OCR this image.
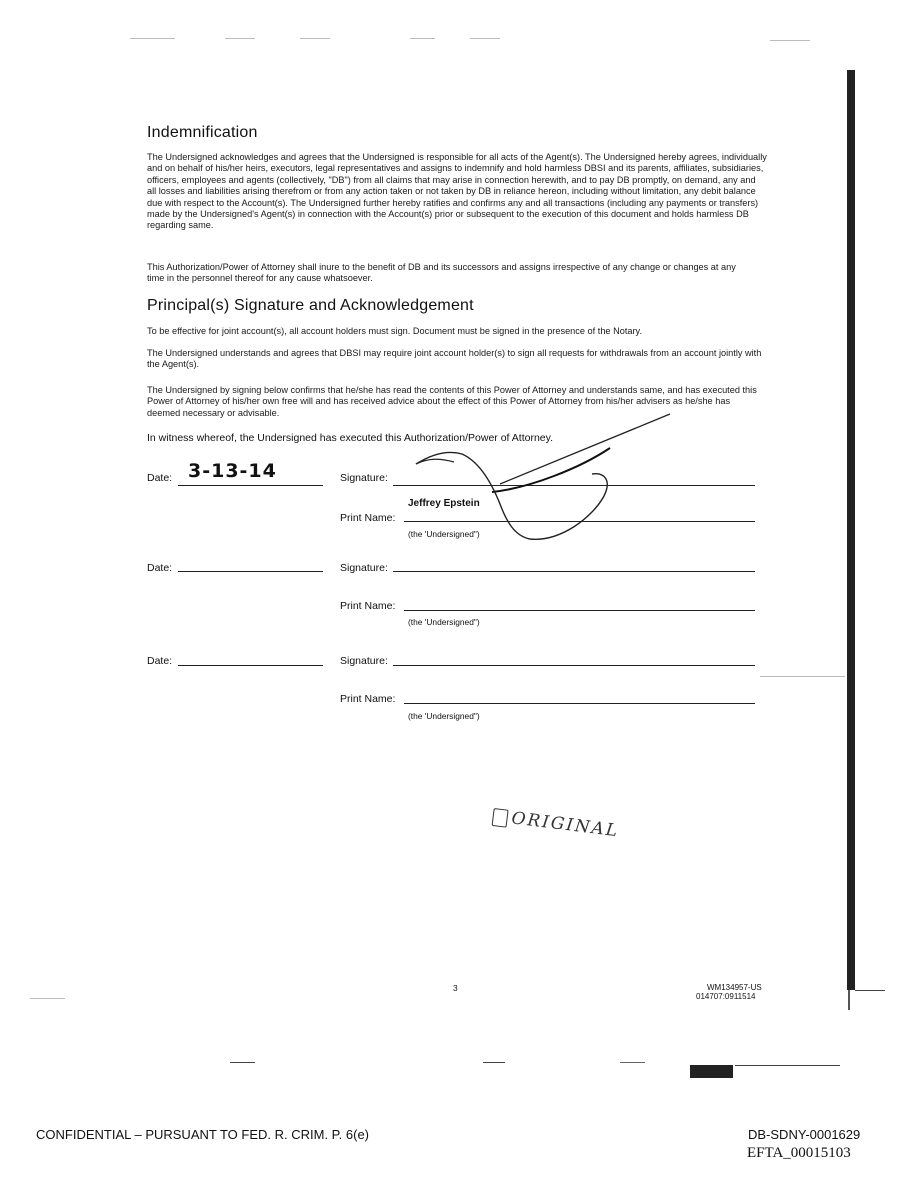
Indemnification
The Undersigned acknowledges and agrees that the Undersigned is responsible for all acts of the Agent(s). The Undersigned hereby agrees, individually and on behalf of his/her heirs, executors, legal representatives and assigns to indemnify and hold harmless DBSI and its parents, affiliates, subsidiaries, officers, employees and agents (collectively, "DB") from all claims that may arise in connection herewith, and to pay DB promptly, on demand, any and all losses and liabilities arising therefrom or from any action taken or not taken by DB in reliance hereon, including without limitation, any debit balance due with respect to the Account(s). The Undersigned further hereby ratifies and confirms any and all transactions (including any payments or transfers) made by the Undersigned's Agent(s) in connection with the Account(s) prior or subsequent to the execution of this document and holds harmless DB regarding same.
This Authorization/Power of Attorney shall inure to the benefit of DB and its successors and assigns irrespective of any change or changes at any time in the personnel thereof for any cause whatsoever.
Principal(s) Signature and Acknowledgement
To be effective for joint account(s), all account holders must sign. Document must be signed in the presence of the Notary.
The Undersigned understands and agrees that DBSI may require joint account holder(s) to sign all requests for withdrawals from an account jointly with the Agent(s).
The Undersigned by signing below confirms that he/she has read the contents of this Power of Attorney and understands same, and has executed this Power of Attorney of his/her own free will and has received advice about the effect of this Power of Attorney from his/her advisers as he/she has deemed necessary or advisable.
In witness whereof, the Undersigned has executed this Authorization/Power of Attorney.
Date: 3-13-14	Signature:
Print Name:
Jeffrey Epstein
(the 'Undersigned")
Date:	Signature:
Print Name:
(the 'Undersigned")
Date:	Signature:
Print Name:
(the 'Undersigned")
ORIGINAL
3	WM134957-US
014707:0911514
CONFIDENTIAL – PURSUANT TO FED. R. CRIM. P. 6(e)	DB-SDNY-0001629
EFTA_00015103
